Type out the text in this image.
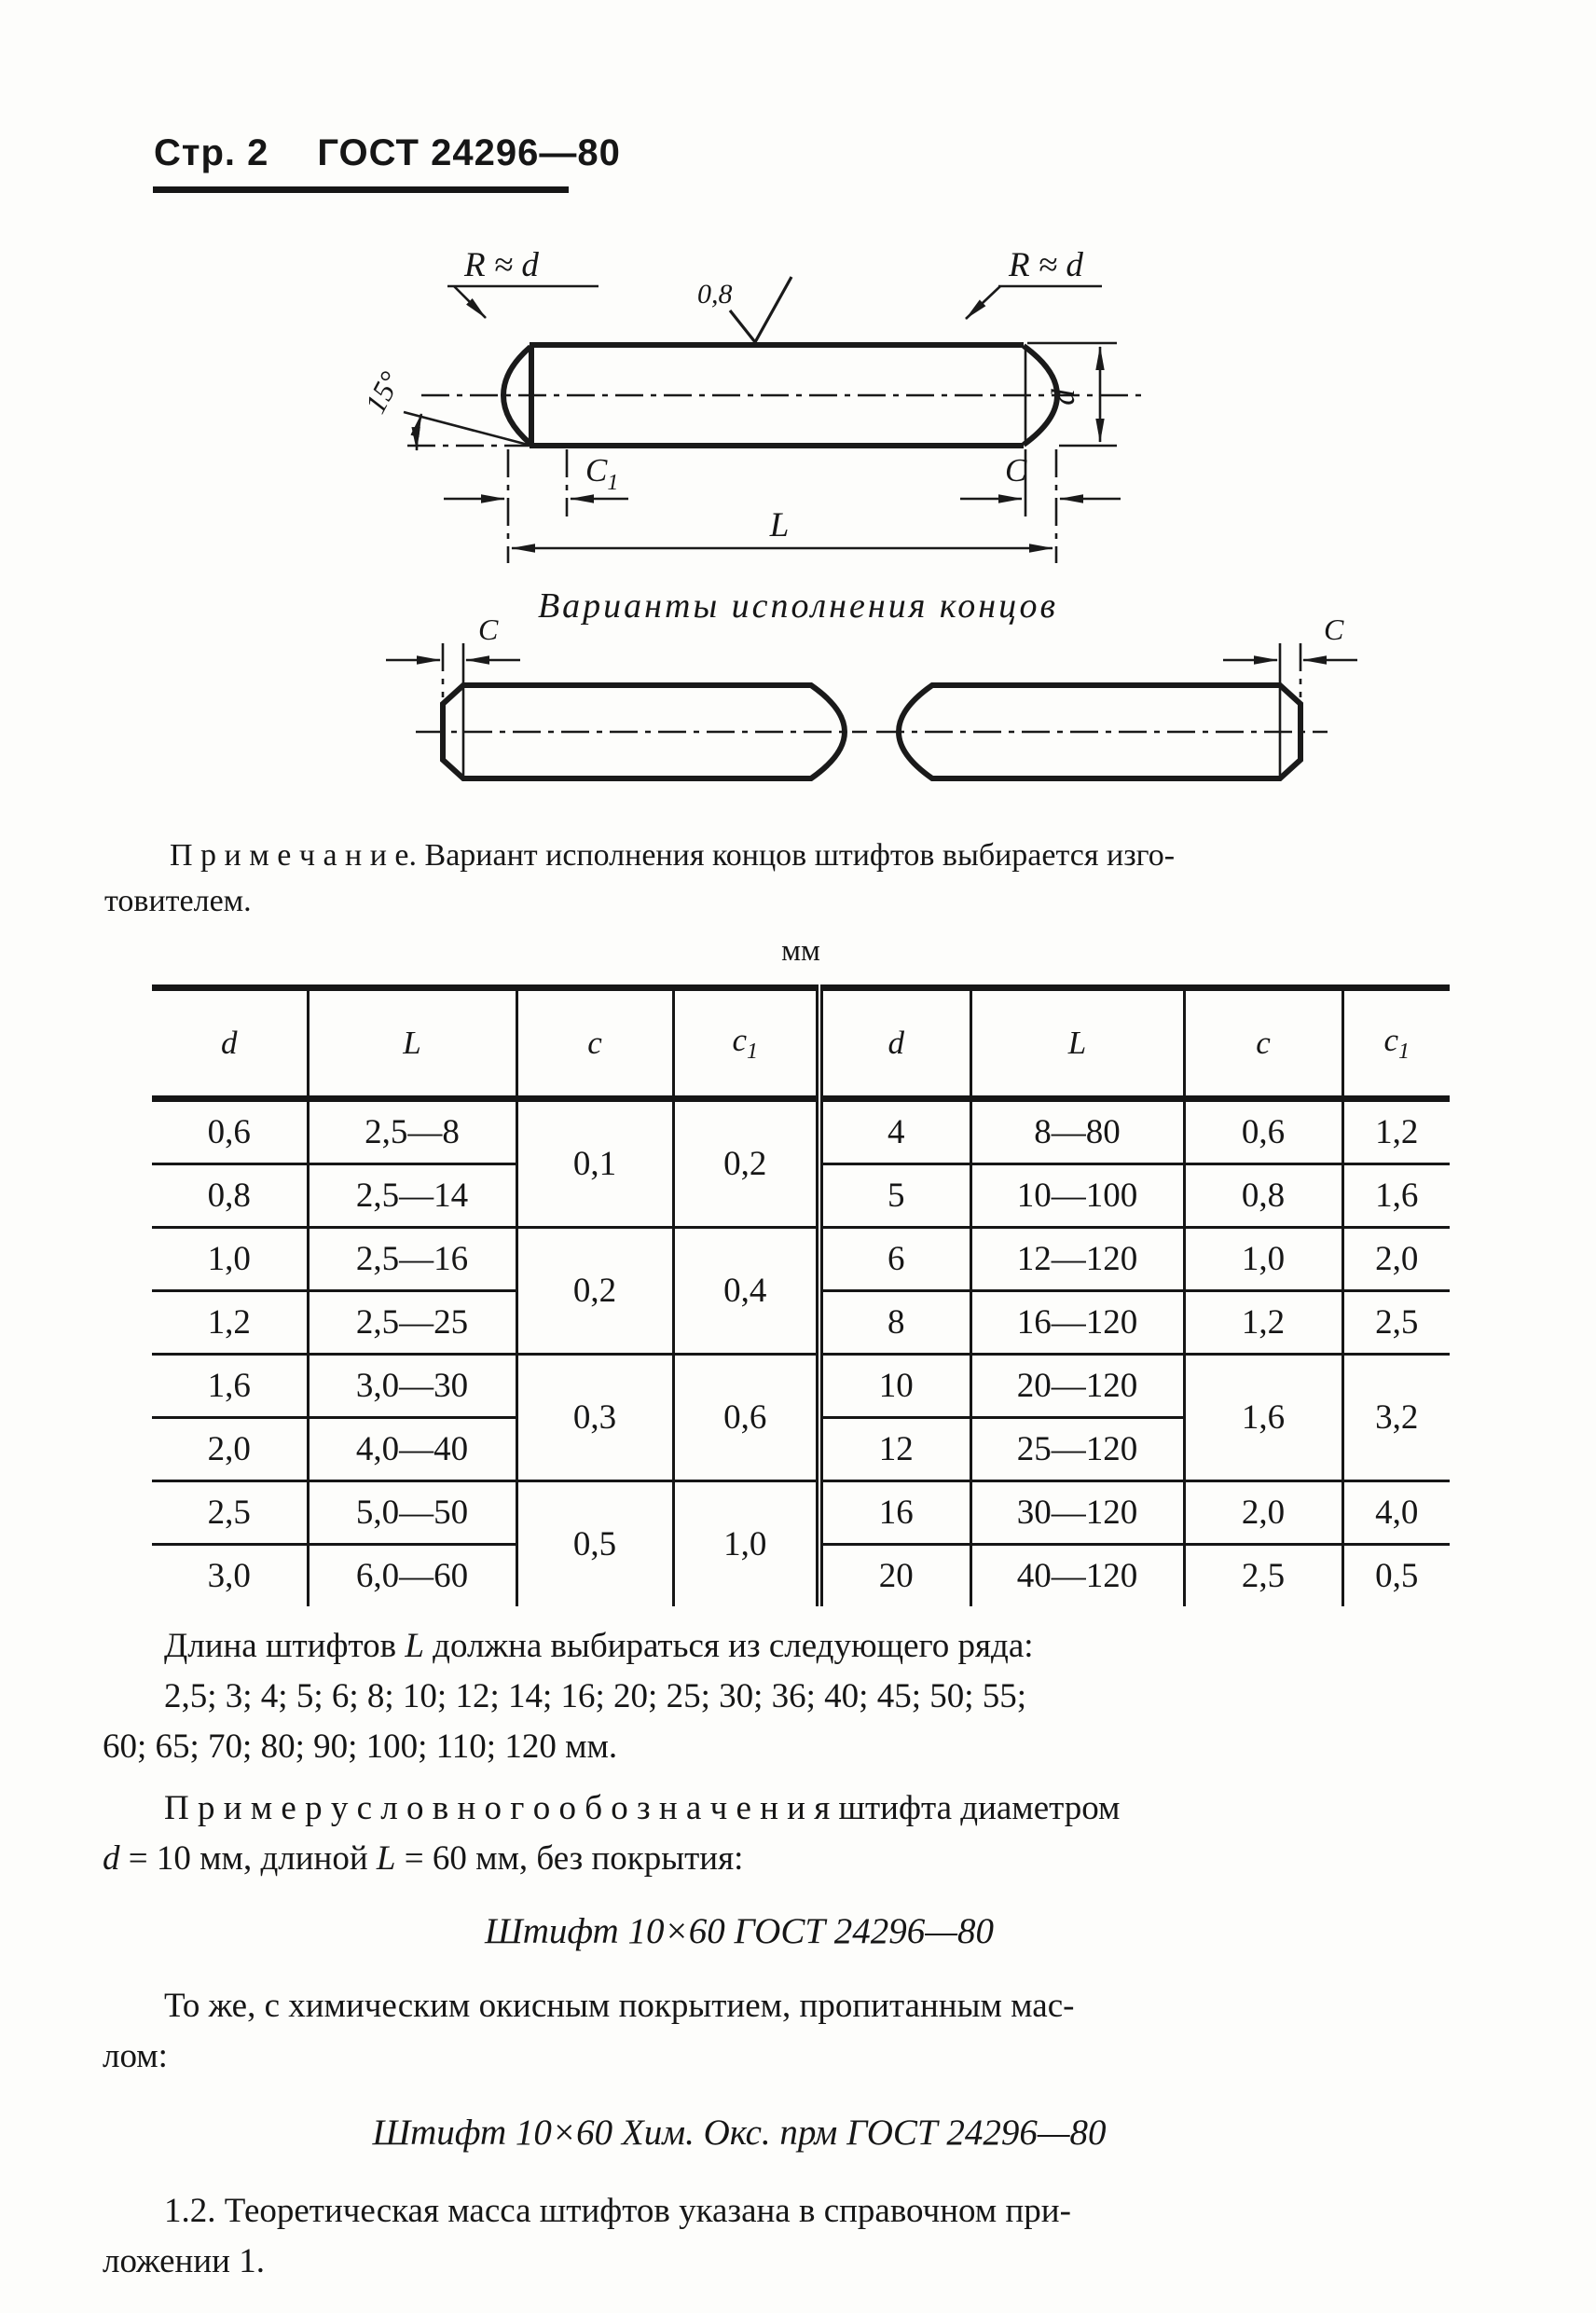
Стр. 2 ГОСТ 24296—80
R ≈ d	R ≈ d
0,8
15°	d
$C_1$	C
L
Варианты исполнения концов
C	C
П р и м е ч а н и е. Вариант исполнения концов штифтов выбирается изго-
товителем.
мм
d	L	c	$c_1$	d	L	c	$c_1$
0,6	2,5—8	0,1	0,2	4	8—80	0,6	1,2
0,8	2,5—14			5	10—100	0,8	1,6
1,0	2,5—16	0,2	0,4	6	12—120	1,0	2,0
1,2	2,5—25			8	16—120	1,2	2,5
1,6	3,0—30	0,3	0,6	10	20—120	1,6	3,2
2,0	4,0—40			12	25—120		
2,5	5,0—50	0,5	1,0	16	30—120	2,0	4,0
3,0	6,0—60			20	40—120	2,5	0,5
Длина штифтов L должна выбираться из следующего ряда:
2,5; 3; 4; 5; 6; 8; 10; 12; 14; 16; 20; 25; 30; 36; 40; 45; 50; 55;
60; 65; 70; 80; 90; 100; 110; 120 мм.
П р и м е р у с л о в н о г о о б о з н а ч е н и я штифта диаметром
d = 10 мм, длиной L = 60 мм, без покрытия:
Штифт 10×60 ГОСТ 24296—80
То же, с химическим окисным покрытием, пропитанным мас-
лом:
Штифт 10×60 Хим. Окс. прм ГОСТ 24296—80
1.2. Теоретическая масса штифтов указана в справочном при-
ложении 1.
